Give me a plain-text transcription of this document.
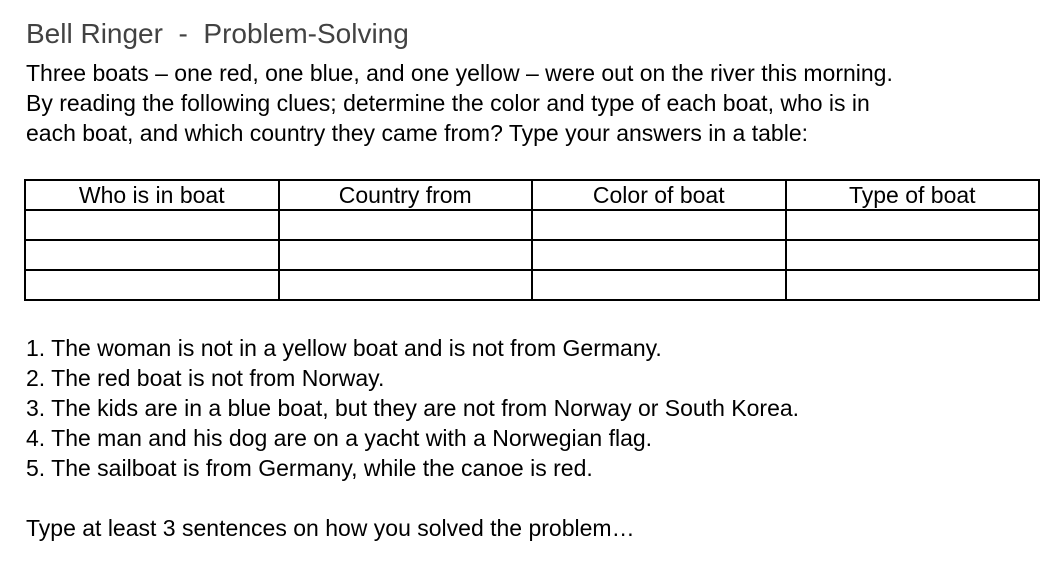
Bell Ringer  -  Problem-Solving
Three boats – one red, one blue, and one yellow – were out on the river this morning.
By reading the following clues; determine the color and type of each boat, who is in
each boat, and which country they came from? Type your answers in a table:
Who is in boat	Country from	Color of boat	Type of boat

1. The woman is not in a yellow boat and is not from Germany.
2. The red boat is not from Norway.
3. The kids are in a blue boat, but they are not from Norway or South Korea.
4. The man and his dog are on a yacht with a Norwegian flag.
5. The sailboat is from Germany, while the canoe is red.
Type at least 3 sentences on how you solved the problem…
